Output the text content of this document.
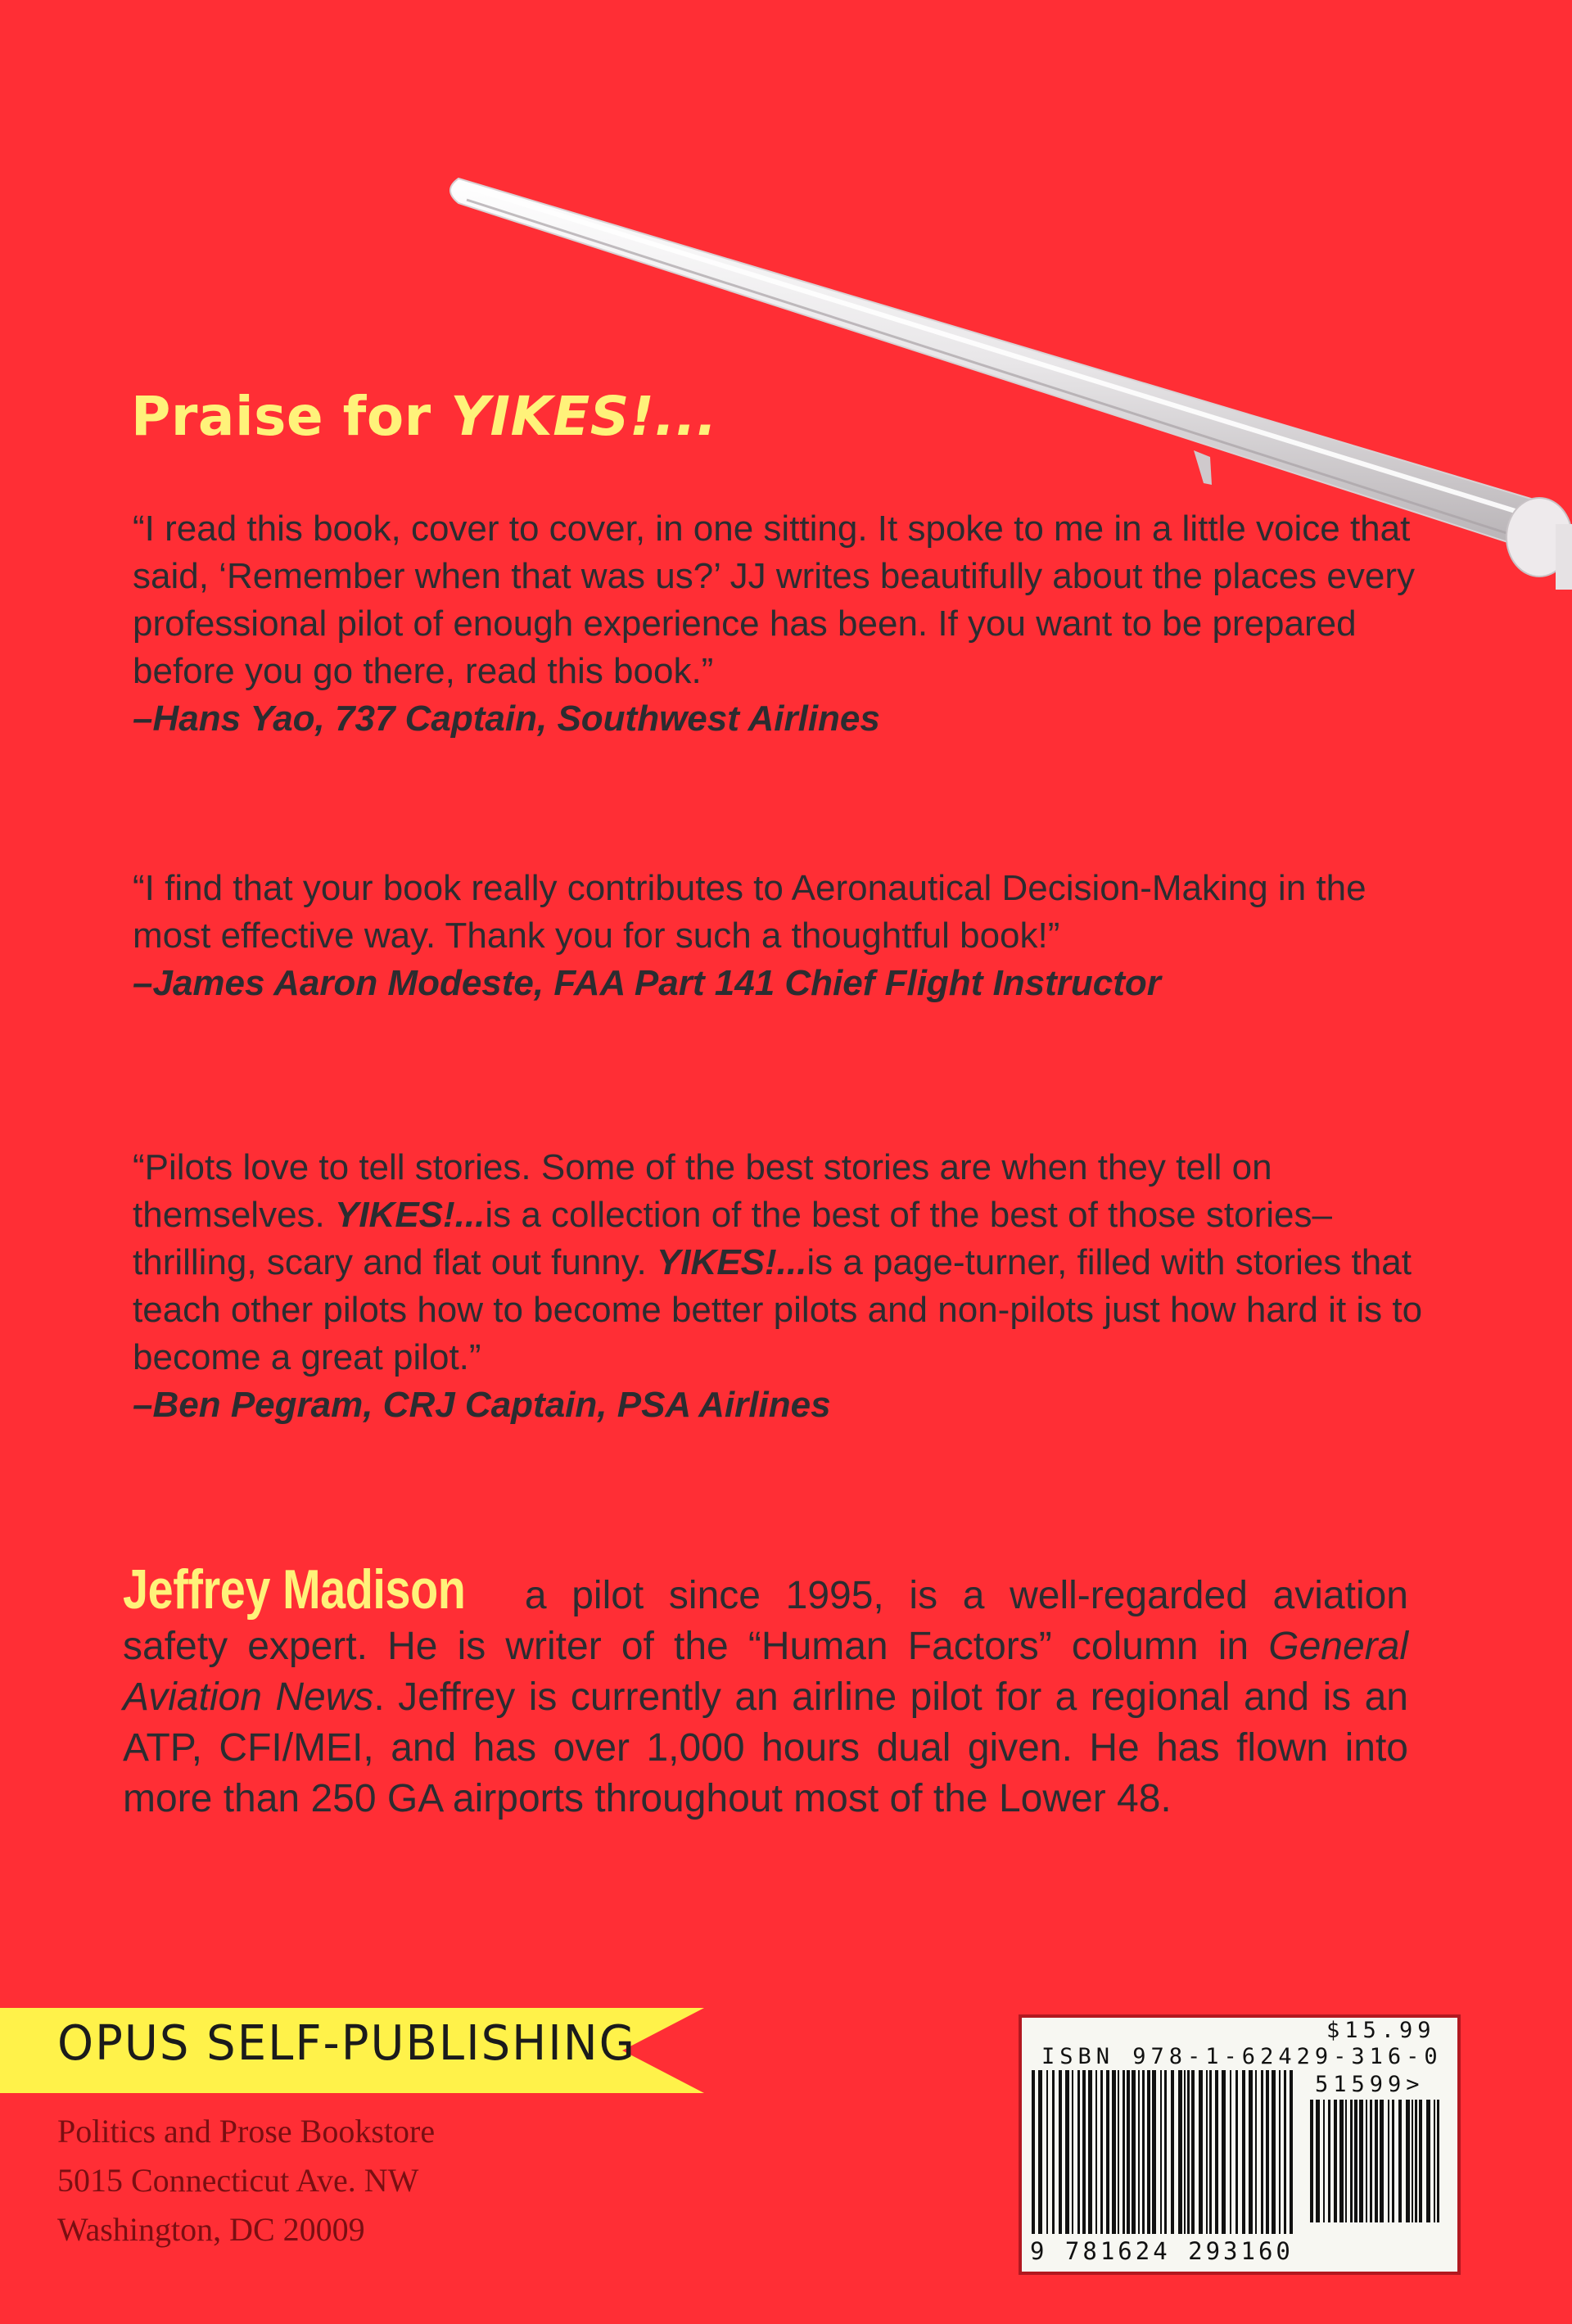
Praise for YIKES!...

“I read this book, cover to cover, in one sitting. It spoke to me in a little voice that said, ‘Remember when that was us?’ JJ writes beautifully about the places every professional pilot of enough experience has been. If you want to be prepared before you go there, read this book.”

–Hans Yao, 737 Captain, Southwest Airlines

“I find that your book really contributes to Aeronautical Decision-Making in the most effective way. Thank you for such a thoughtful book!”

–James Aaron Modeste, FAA Part 141 Chief Flight Instructor

“Pilots love to tell stories. Some of the best stories are when they tell on themselves. YIKES!...is a collection of the best of the best of those stories–thrilling, scary and flat out funny. YIKES!...is a page-turner, filled with stories that teach other pilots how to become better pilots and non-pilots just how hard it is to become a great pilot.”

–Ben Pegram, CRJ Captain, PSA Airlines

Jeffrey Madison a pilot since 1995, is a well-regarded aviation safety expert. He is writer of the “Human Factors” column in General Aviation News. Jeffrey is currently an airline pilot for a regional and is an ATP, CFI/MEI, and has over 1,000 hours dual given. He has flown into more than 250 GA airports throughout most of the Lower 48.

OPUS SELF-PUBLISHING

Politics and Prose Bookstore
5015 Connecticut Ave. NW
Washington, DC 20009

$15.99

ISBN 978-1-62429-316-0

51599>

9 781624 293160
